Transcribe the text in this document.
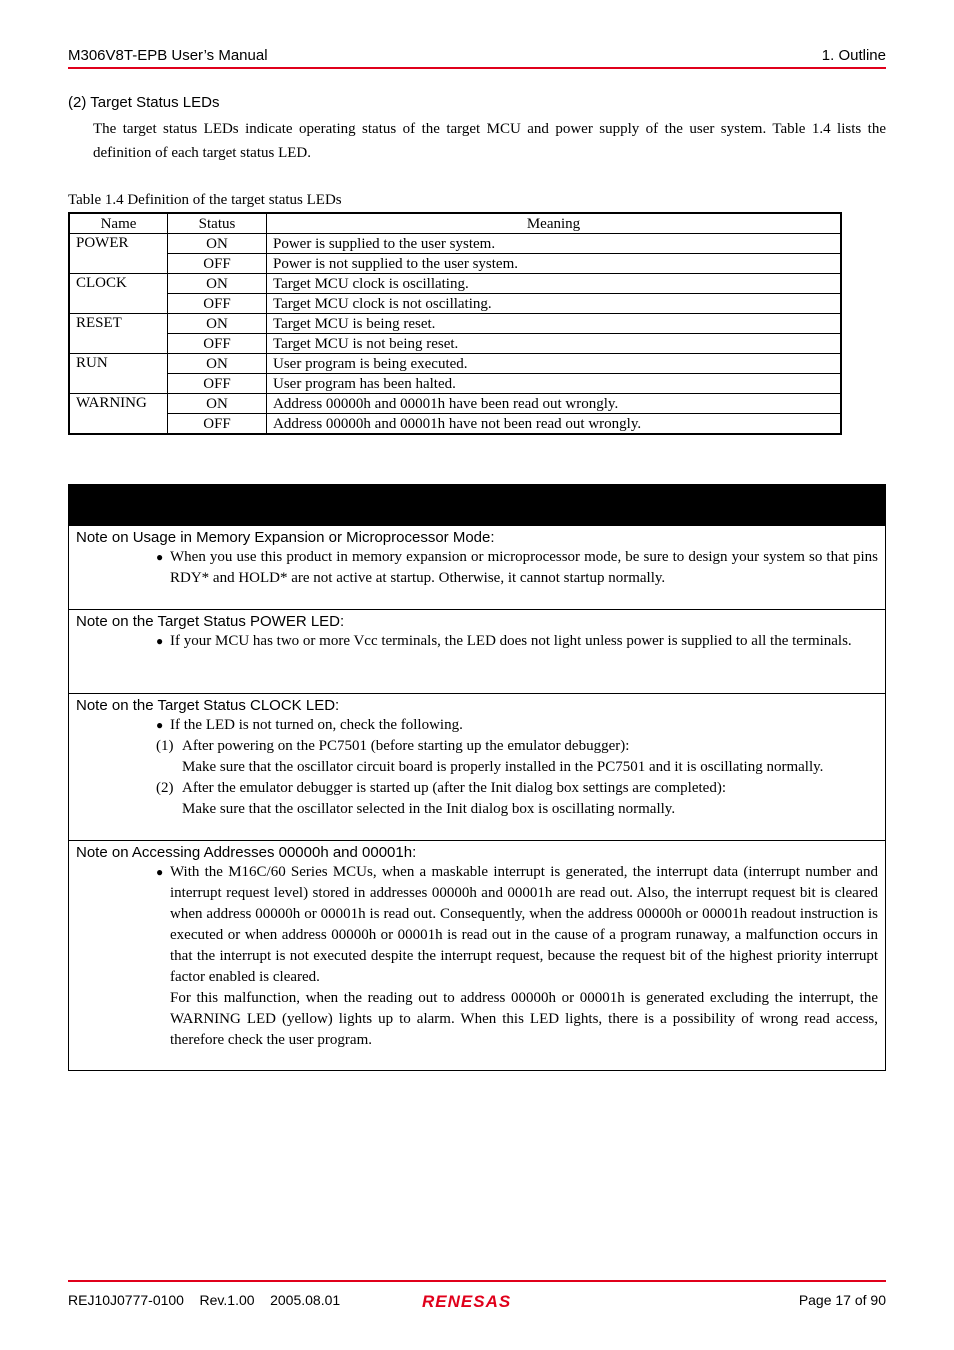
M306V8T-EPB User’s Manual	1. Outline
(2) Target Status LEDs
The target status LEDs indicate operating status of the target MCU and power supply of the user system. Table 1.4 lists the definition of each target status LED.
Table 1.4 Definition of the target status LEDs
Name	Status	Meaning
POWER	ON	Power is supplied to the user system.
	OFF	Power is not supplied to the user system.
CLOCK	ON	Target MCU clock is oscillating.
	OFF	Target MCU clock is not oscillating.
RESET	ON	Target MCU is being reset.
	OFF	Target MCU is not being reset.
RUN	ON	User program is being executed.
	OFF	User program has been halted.
WARNING	ON	Address 00000h and 00001h have been read out wrongly.
	OFF	Address 00000h and 00001h have not been read out wrongly.
Note on Usage in Memory Expansion or Microprocessor Mode:
● When you use this product in memory expansion or microprocessor mode, be sure to design your system so that pins RDY* and HOLD* are not active at startup. Otherwise, it cannot startup normally.
Note on the Target Status POWER LED:
● If your MCU has two or more Vcc terminals, the LED does not light unless power is supplied to all the terminals.
Note on the Target Status CLOCK LED:
● If the LED is not turned on, check the following.
(1) After powering on the PC7501 (before starting up the emulator debugger):
Make sure that the oscillator circuit board is properly installed in the PC7501 and it is oscillating normally.
(2) After the emulator debugger is started up (after the Init dialog box settings are completed):
Make sure that the oscillator selected in the Init dialog box is oscillating normally.
Note on Accessing Addresses 00000h and 00001h:
● With the M16C/60 Series MCUs, when a maskable interrupt is generated, the interrupt data (interrupt number and interrupt request level) stored in addresses 00000h and 00001h are read out. Also, the interrupt request bit is cleared when address 00000h or 00001h is read out. Consequently, when the address 00000h or 00001h readout instruction is executed or when address 00000h or 00001h is read out in the cause of a program runaway, a malfunction occurs in that the interrupt is not executed despite the interrupt request, because the request bit of the highest priority interrupt factor enabled is cleared.
For this malfunction, when the reading out to address 00000h or 00001h is generated excluding the interrupt, the WARNING LED (yellow) lights up to alarm. When this LED lights, there is a possibility of wrong read access, therefore check the user program.
REJ10J0777-0100    Rev.1.00    2005.08.01	RENESAS	Page 17 of 90
